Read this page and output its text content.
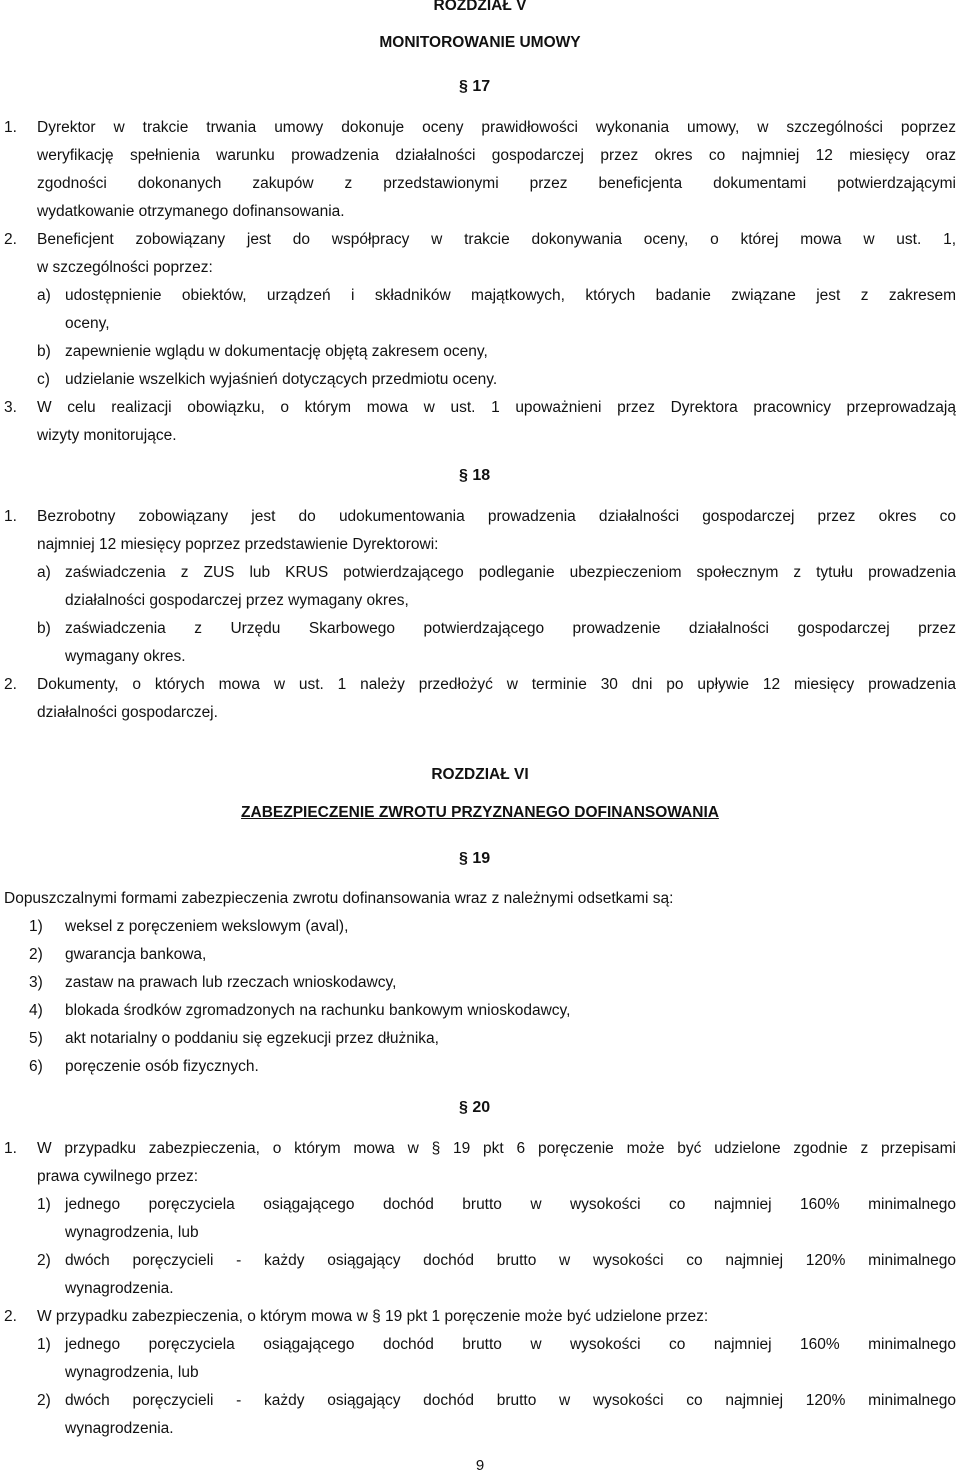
ROZDZIAŁ V
MONITOROWANIE UMOWY
§ 17
1. Dyrektor w trakcie trwania umowy dokonuje oceny prawidłowości wykonania umowy, w szczególności poprzez
weryfikację spełnienia warunku prowadzenia działalności gospodarczej przez okres co najmniej 12 miesięcy oraz
zgodności dokonanych zakupów z przedstawionymi przez beneficjenta dokumentami potwierdzającymi
wydatkowanie otrzymanego dofinansowania.
2. Beneficjent zobowiązany jest do współpracy w trakcie dokonywania oceny, o której mowa w ust. 1,
w szczególności poprzez:
a) udostępnienie obiektów, urządzeń i składników majątkowych, których badanie związane jest z zakresem
oceny,
b) zapewnienie wglądu w dokumentację objętą zakresem oceny,
c) udzielanie wszelkich wyjaśnień dotyczących przedmiotu oceny.
3. W celu realizacji obowiązku, o którym mowa w ust. 1 upoważnieni przez Dyrektora pracownicy przeprowadzają
wizyty monitorujące.
§ 18
1. Bezrobotny zobowiązany jest do udokumentowania prowadzenia działalności gospodarczej przez okres co
najmniej 12 miesięcy poprzez przedstawienie Dyrektorowi:
a) zaświadczenia z ZUS lub KRUS potwierdzającego podleganie ubezpieczeniom społecznym z tytułu prowadzenia
działalności gospodarczej przez wymagany okres,
b) zaświadczenia z Urzędu Skarbowego potwierdzającego prowadzenie działalności gospodarczej przez
wymagany okres.
2. Dokumenty, o których mowa w ust. 1 należy przedłożyć w terminie 30 dni po upływie 12 miesięcy prowadzenia
działalności gospodarczej.
ROZDZIAŁ VI
ZABEZPIECZENIE ZWROTU PRZYZNANEGO DOFINANSOWANIA
§ 19
Dopuszczalnymi formami zabezpieczenia zwrotu dofinansowania wraz z należnymi odsetkami są:
1) weksel z poręczeniem wekslowym (aval),
2) gwarancja bankowa,
3) zastaw na prawach lub rzeczach wnioskodawcy,
4) blokada środków zgromadzonych na rachunku bankowym wnioskodawcy,
5) akt notarialny o poddaniu się egzekucji przez dłużnika,
6) poręczenie osób fizycznych.
§ 20
1. W przypadku zabezpieczenia, o którym mowa w § 19 pkt 6 poręczenie może być udzielone zgodnie z przepisami
prawa cywilnego przez:
1) jednego poręczyciela osiągającego dochód brutto w wysokości co najmniej 160% minimalnego
wynagrodzenia, lub
2) dwóch poręczycieli - każdy osiągający dochód brutto w wysokości co najmniej 120% minimalnego
wynagrodzenia.
2. W przypadku zabezpieczenia, o którym mowa w § 19 pkt 1 poręczenie może być udzielone przez:
1) jednego poręczyciela osiągającego dochód brutto w wysokości co najmniej 160% minimalnego
wynagrodzenia, lub
2) dwóch poręczycieli - każdy osiągający dochód brutto w wysokości co najmniej 120% minimalnego
wynagrodzenia.
9
